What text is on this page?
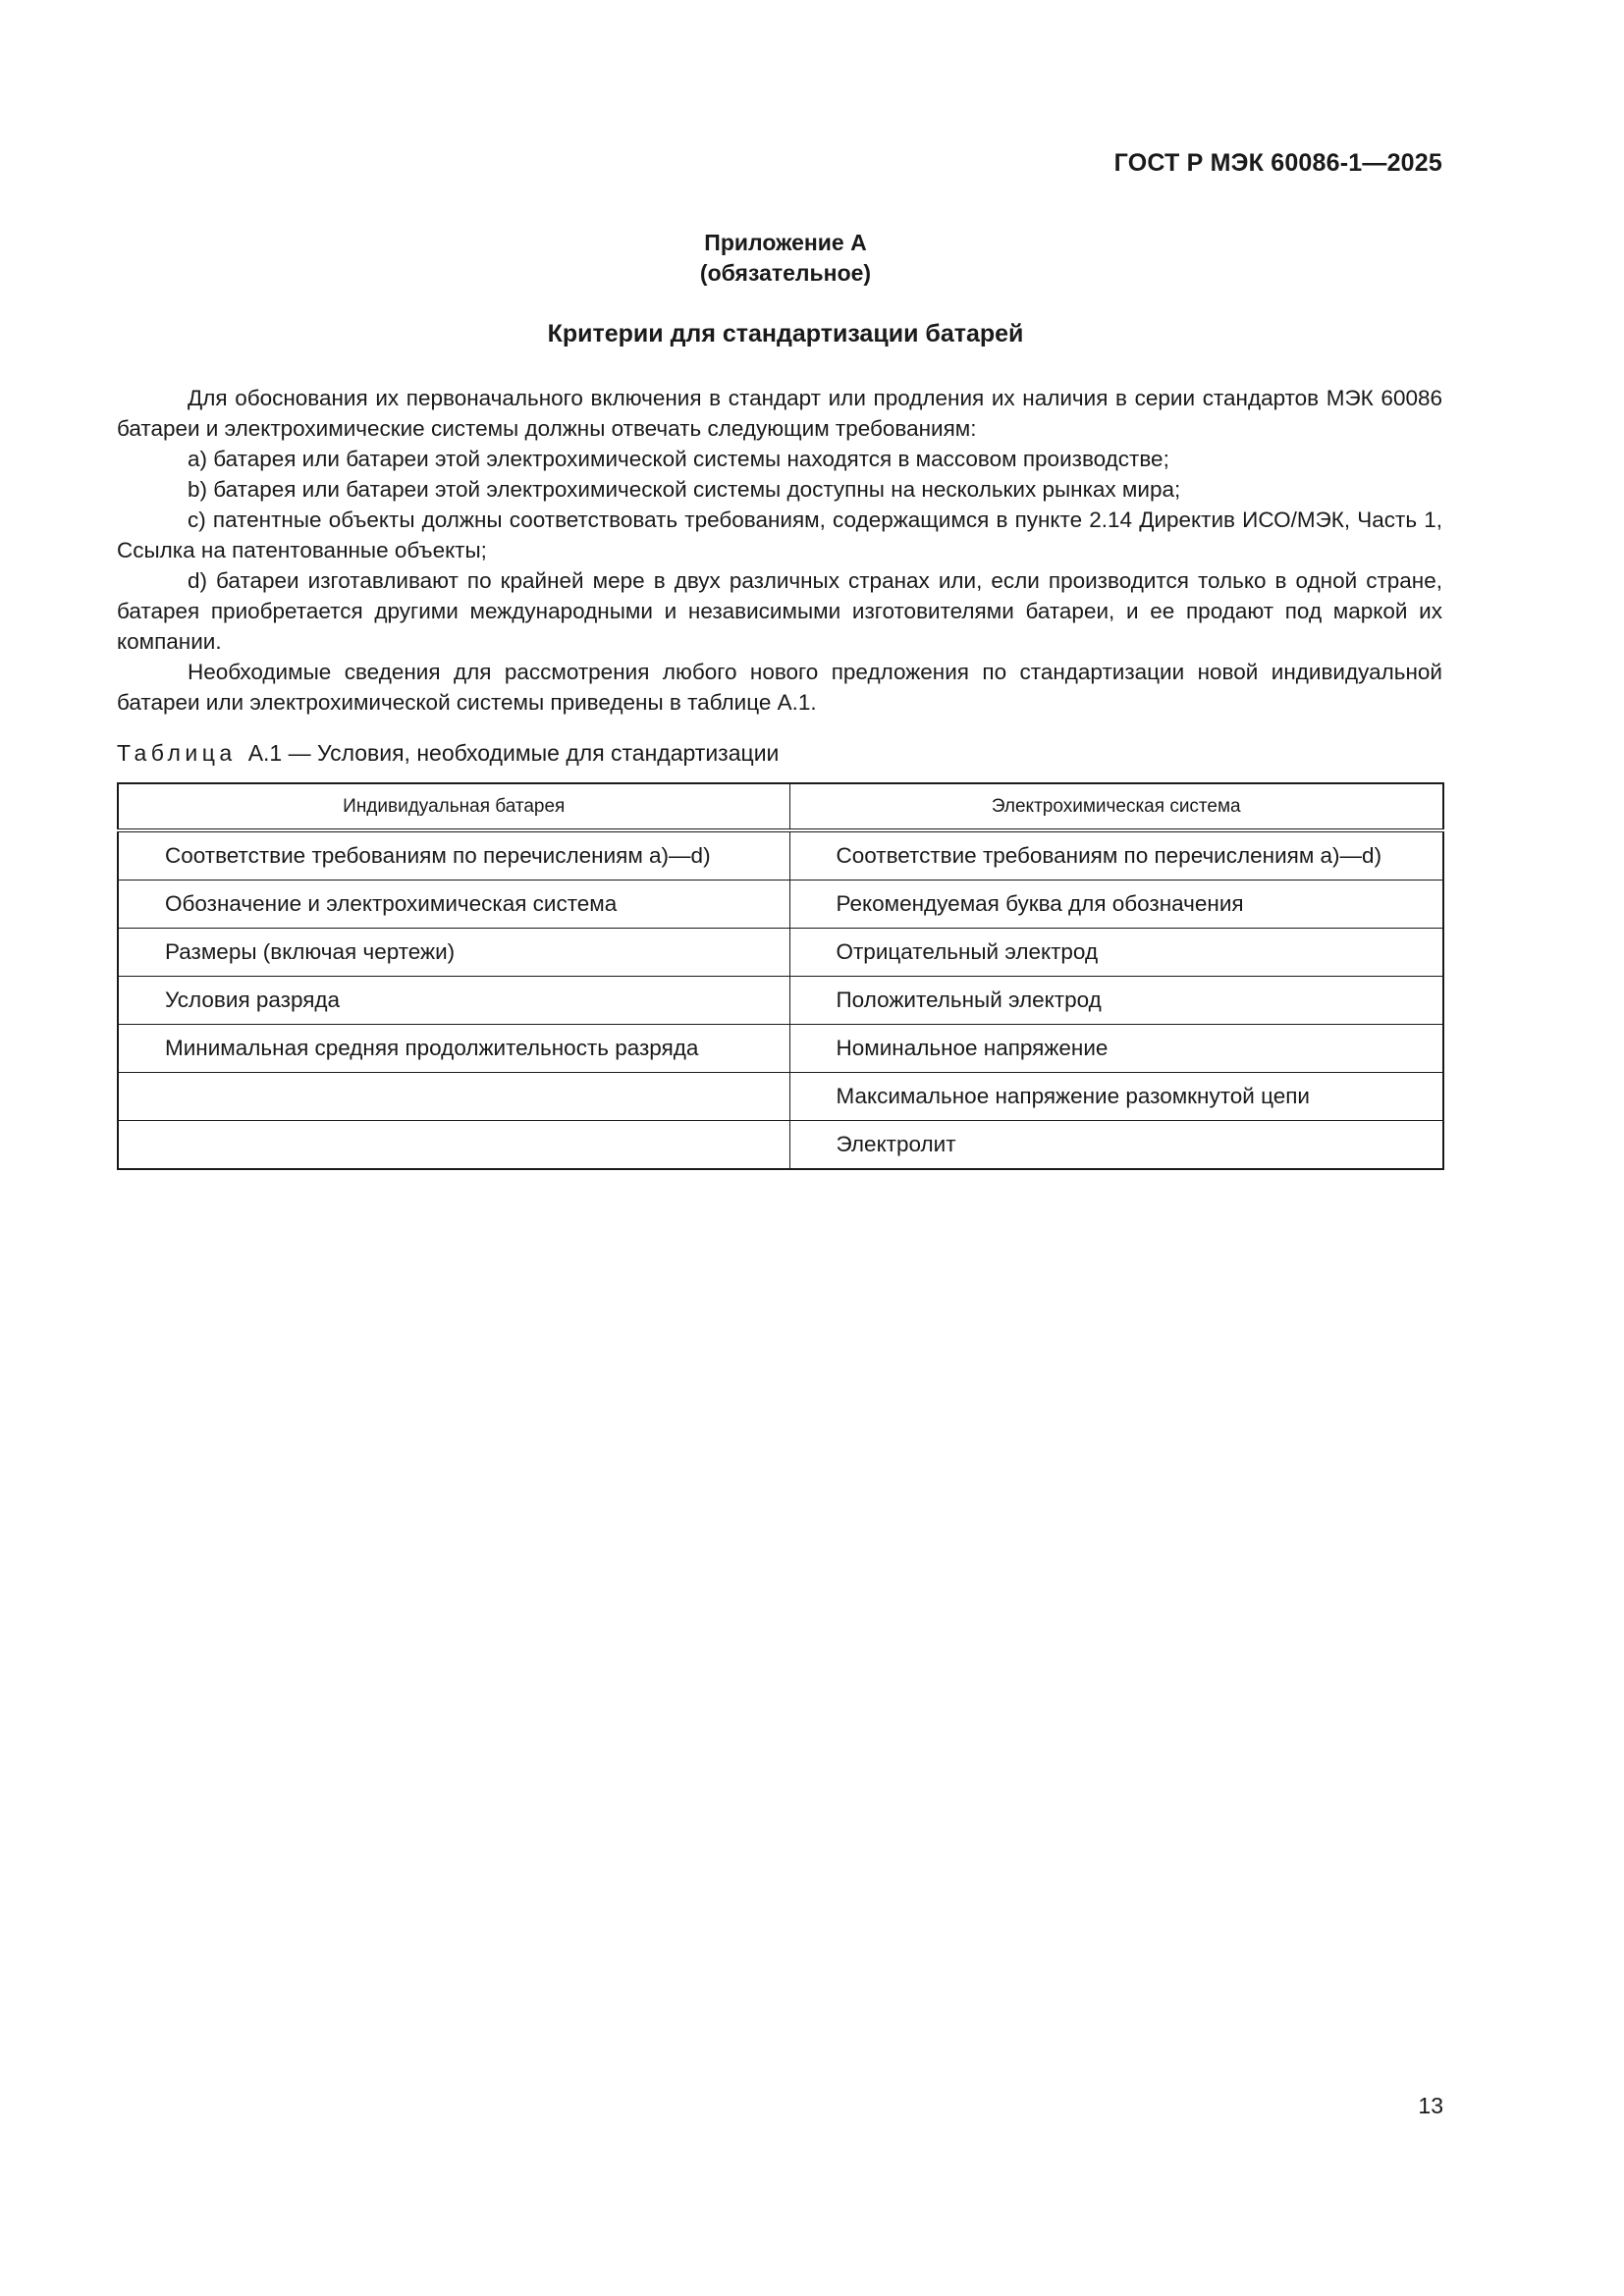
ГОСТ Р МЭК 60086-1—2025
Приложение А
(обязательное)
Критерии для стандартизации батарей

Для обоснования их первоначального включения в стандарт или продления их наличия в серии стандартов МЭК 60086 батареи и электрохимические системы должны отвечать следующим требованиям:

a) батарея или батареи этой электрохимической системы находятся в массовом производстве;

b) батарея или батареи этой электрохимической системы доступны на нескольких рынках мира;

c) патентные объекты должны соответствовать требованиям, содержащимся в пункте 2.14 Директив ИСО/МЭК, Часть 1, Ссылка на патентованные объекты;

d) батареи изготавливают по крайней мере в двух различных странах или, если производится только в одной стране, батарея приобретается другими международными и независимыми изготовителями батареи, и ее продают под маркой их компании.

Необходимые сведения для рассмотрения любого нового предложения по стандартизации новой индивидуальной батареи или электрохимической системы приведены в таблице А.1.

Таблица А.1 — Условия, необходимые для стандартизации
Индивидуальная батарея	Электрохимическая система
Соответствие требованиям по перечислениям а)—d)	Соответствие требованиям по перечислениям а)—d)
Обозначение и электрохимическая система	Рекомендуемая буква для обозначения
Размеры (включая чертежи)	Отрицательный электрод
Условия разряда	Положительный электрод
Минимальная средняя продолжительность разряда	Номинальное напряжение
	Максимальное напряжение разомкнутой цепи
	Электролит
13
